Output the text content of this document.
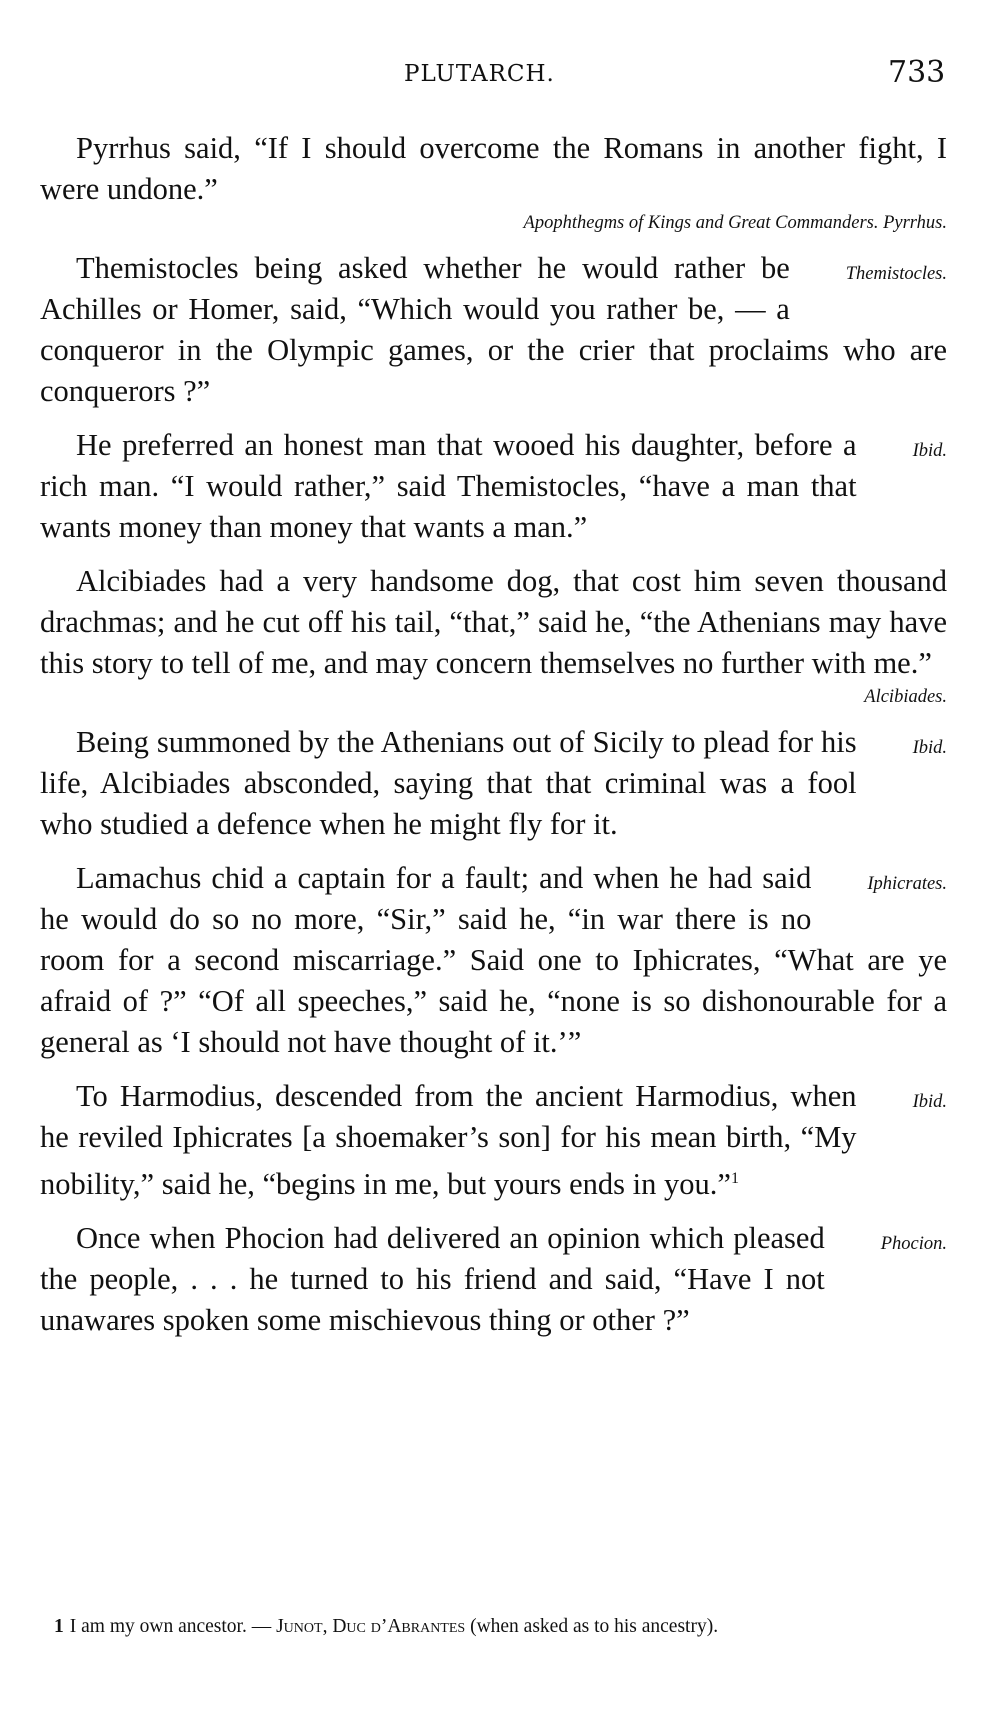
PLUTARCH.	733

Pyrrhus said, “If I should overcome the Romans in another fight, I were undone.”

Apophthegms of Kings and Great Commanders. Pyrrhus.

Themistocles.
Themistocles being asked whether he would rather be Achilles or Homer, said, “Which would you rather be, — a conqueror in the Olympic games, or the crier that proclaims who are conquerors ?”

Ibid.
He preferred an honest man that wooed his daughter, before a rich man. “I would rather,” said Themistocles, “have a man that wants money than money that wants a man.”

Alcibiades had a very handsome dog, that cost him seven thousand drachmas; and he cut off his tail, “that,” said he, “the Athenians may have this story to tell of me, and may concern themselves no further with me.”

Alcibiades.

Ibid.
Being summoned by the Athenians out of Sicily to plead for his life, Alcibiades absconded, saying that that criminal was a fool who studied a defence when he might fly for it.

Iphicrates.
Lamachus chid a captain for a fault; and when he had said he would do so no more, “Sir,” said he, “in war there is no room for a second miscarriage.” Said one to Iphicrates, “What are ye afraid of ?” “Of all speeches,” said he, “none is so dishonourable for a general as ‘I should not have thought of it.’”

Ibid.
To Harmodius, descended from the ancient Harmodius, when he reviled Iphicrates [a shoemaker’s son] for his mean birth, “My nobility,” said he, “begins in me, but yours ends in you.”$^1$

Phocion.
Once when Phocion had delivered an opinion which pleased the people, . . . he turned to his friend and said, “Have I not unawares spoken some mischievous thing or other ?”

1 I am my own ancestor. — Junot, Duc d’Abrantes (when asked as to his ancestry).
